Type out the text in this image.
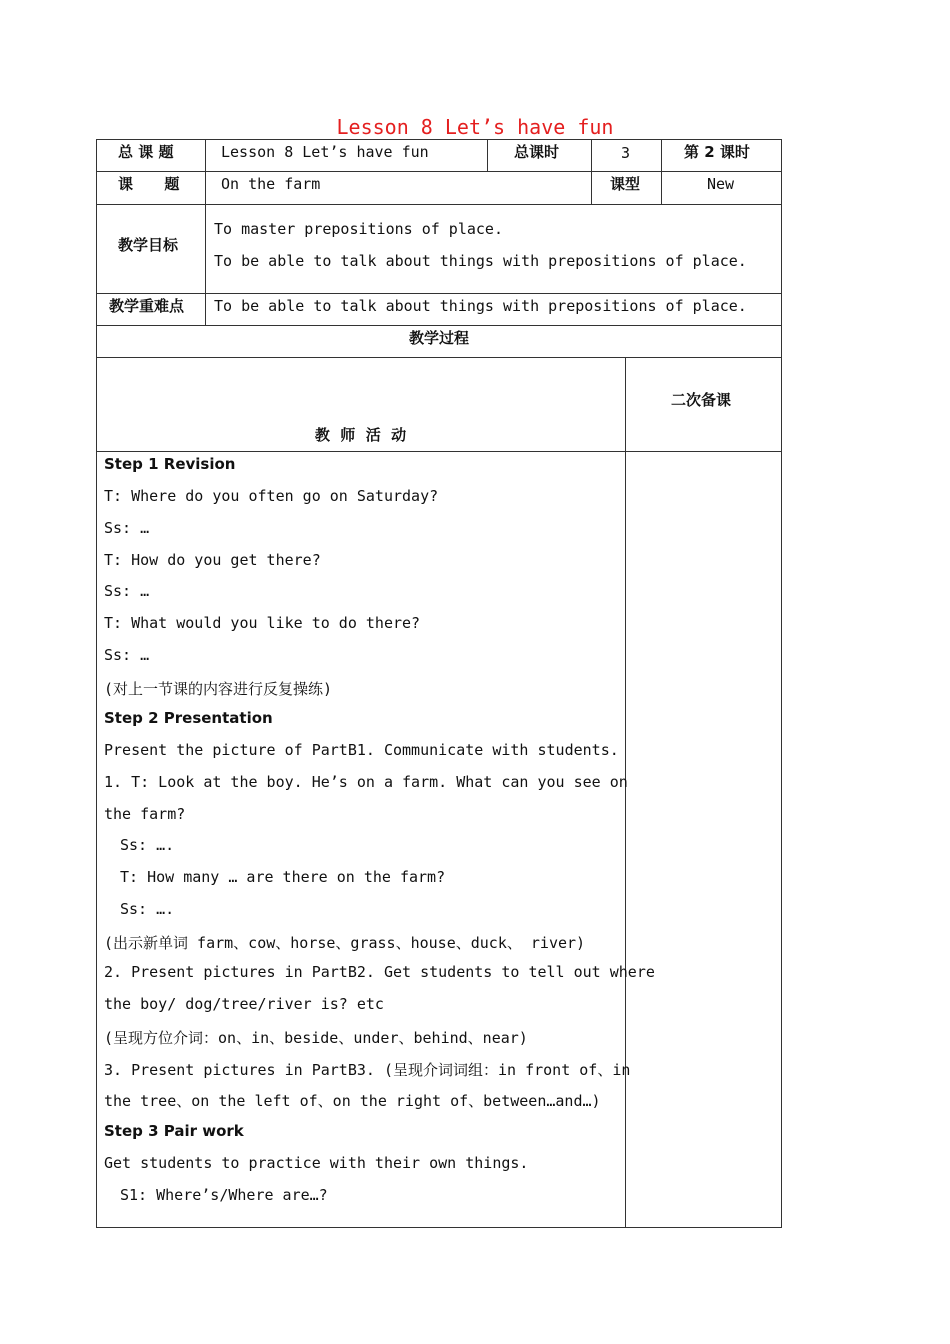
Lesson 8 Let’s have fun
总 课 题	Lesson 8 Let’s have fun	总课时	3	第 2 课时
课      题	On the farm	课型	New
教学目标
To master prepositions of place.
To be able to talk about things with prepositions of place.
教学重难点 To be able to talk about things with prepositions of place.
教学过程

教  师  活  动

二次备课
Step 1 Revision
T: Where do you often go on Saturday?
Ss: …
T: How do you get there?
Ss: …
T: What would you like to do there?
Ss: …
(对上一节课的内容进行反复操练)
Step 2 Presentation
Present the picture of PartB1. Communicate with students.
1. T: Look at the boy. He’s on a farm. What can you see on
the farm?
Ss: ….
T: How many … are there on the farm?
Ss: ….
(出示新单词 farm、cow、horse、grass、house、duck、 river)
2. Present pictures in PartB2. Get students to tell out where
the boy/ dog/tree/river is? etc
(呈现方位介词：on、in、beside、under、behind、near)
3. Present pictures in PartB3. (呈现介词词组：in front of、in
the tree、on the left of、on the right of、between…and…)
Step 3 Pair work
Get students to practice with their own things.
S1: Where’s/Where are…?
